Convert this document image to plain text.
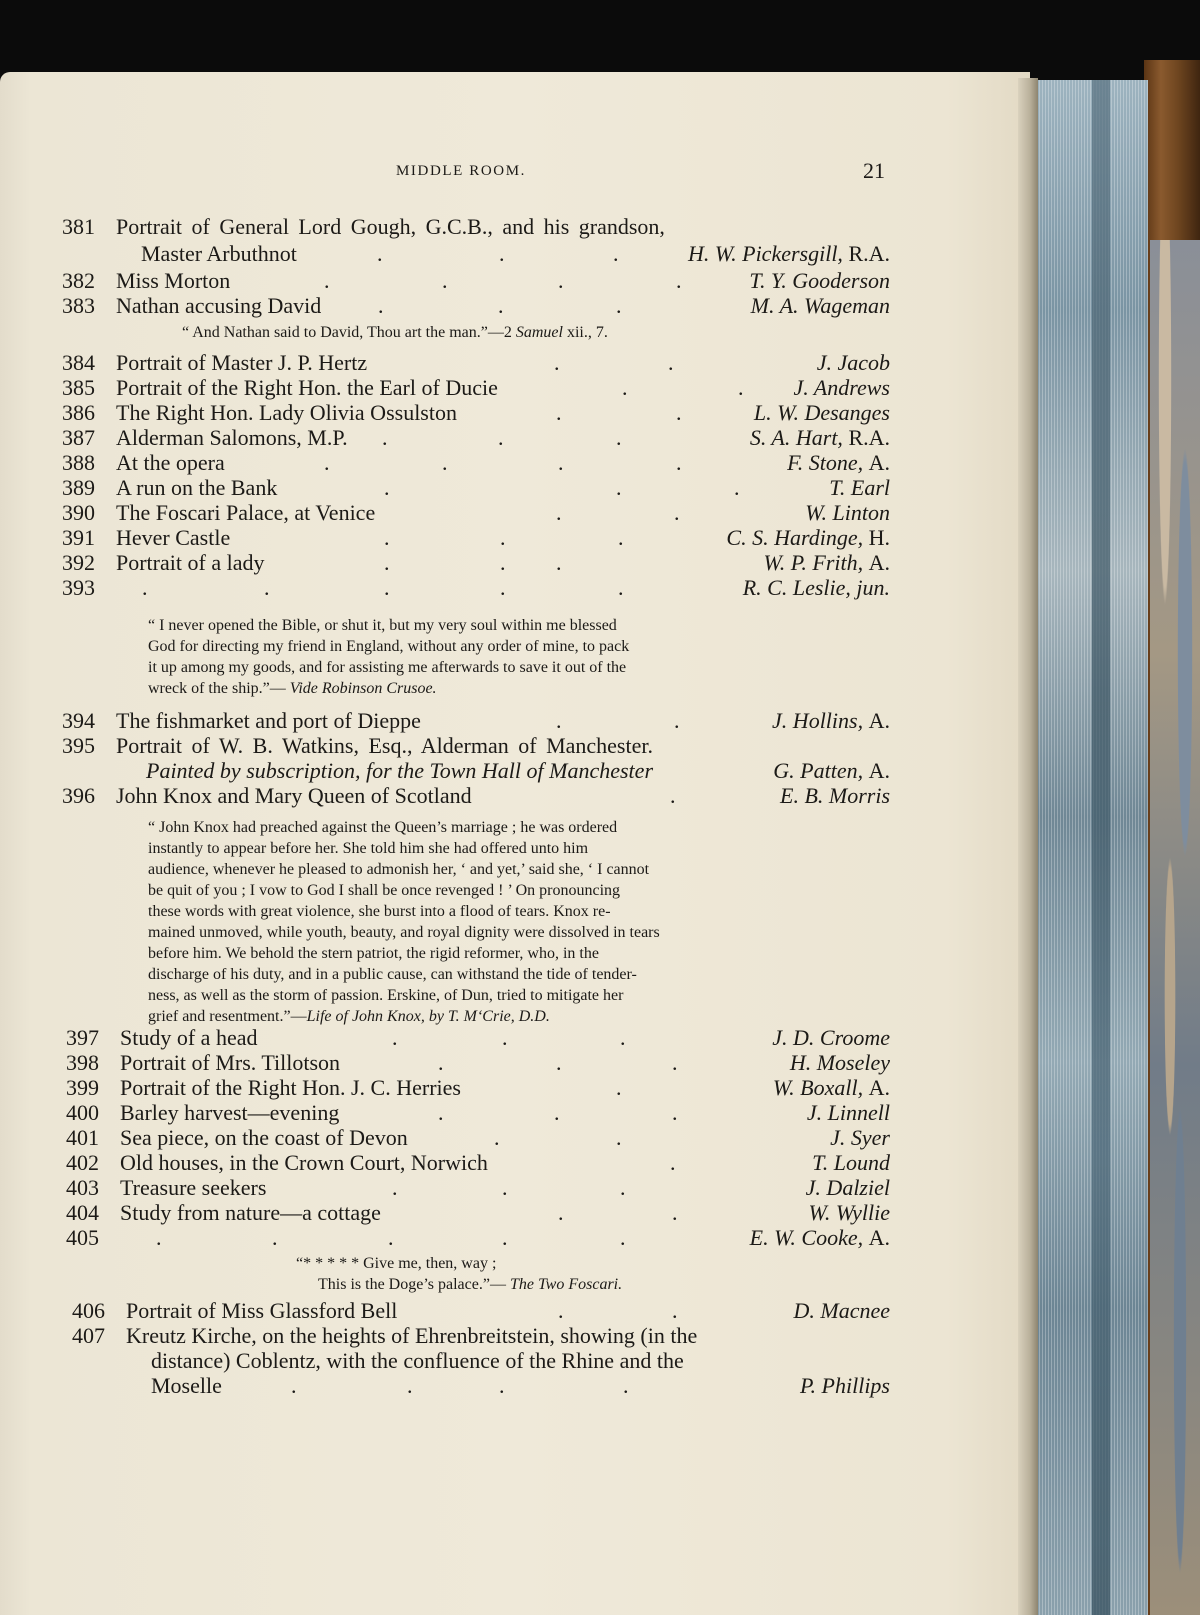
MIDDLE ROOM.	21
381 Portrait of General Lord Gough, G.C.B., and his grandson,
Master Arbuthnot	.	.	.	H. W. Pickersgill, R.A.
382 Miss Morton	.	.	.	.	T. Y. Gooderson
383 Nathan accusing David	.	.	.	M. A. Wageman
“ And Nathan said to David, Thou art the man.”—2 Samuel xii., 7.
384 Portrait of Master J. P. Hertz	.	.	J. Jacob
385 Portrait of the Right Hon. the Earl of Ducie	.	. J. Andrews
386 The Right Hon. Lady Olivia Ossulston	.	.	L. W. Desanges
387 Alderman Salomons, M.P. .	.	.	S. A. Hart, R.A.
388 At the opera	.	.	.	.	F. Stone, A.
389 A run on the Bank	.	.	.	T. Earl
390 The Foscari Palace, at Venice	.	.	W. Linton
391 Hever Castle	.	.	.	C. S. Hardinge, H.
392 Portrait of a lady	.	. .	W. P. Frith, A.
393	.	.	.	.	.	R. C. Leslie, jun.
“ I never opened the Bible, or shut it, but my very soul within me blessed
God for directing my friend in England, without any order of mine, to pack
it up among my goods, and for assisting me afterwards to save it out of the
wreck of the ship.”— Vide Robinson Crusoe.
394 The fishmarket and port of Dieppe	.	.	J. Hollins, A.
395 Portrait of W. B. Watkins, Esq., Alderman of Manchester.
Painted by subscription, for the Town Hall of Manchester	G. Patten, A.
396 John Knox and Mary Queen of Scotland	.	E. B. Morris
“ John Knox had preached against the Queen’s marriage ; he was ordered
instantly to appear before her. She told him she had offered unto him
audience, whenever he pleased to admonish her, ‘ and yet,’ said she, ‘ I cannot
be quit of you ; I vow to God I shall be once revenged ! ’ On pronouncing
these words with great violence, she burst into a flood of tears. Knox re-
mained unmoved, while youth, beauty, and royal dignity were dissolved in tears
before him. We behold the stern patriot, the rigid reformer, who, in the
discharge of his duty, and in a public cause, can withstand the tide of tender-
ness, as well as the storm of passion. Erskine, of Dun, tried to mitigate her
grief and resentment.”—Life of John Knox, by T. M‘Crie, D.D.
397 Study of a head	.	.	.	J. D. Croome
398 Portrait of Mrs. Tillotson	.	.	.	H. Moseley
399 Portrait of the Right Hon. J. C. Herries	.	W. Boxall, A.
400 Barley harvest—evening	.	.	.	J. Linnell
401 Sea piece, on the coast of Devon	.	.	J. Syer
402 Old houses, in the Crown Court, Norwich	.	T. Lound
403 Treasure seekers	.	.	.	J. Dalziel
404 Study from nature—a cottage	.	.	W. Wyllie
405	.	.	.	.	.	E. W. Cooke, A.
“* * * * * Give me, then, way ;
This is the Doge’s palace.”— The Two Foscari.
406 Portrait of Miss Glassford Bell	.	.	D. Macnee
407 Kreutz Kirche, on the heights of Ehrenbreitstein, showing (in the
distance) Coblentz, with the confluence of the Rhine and the
Moselle	.	.	.	.	P. Phillips
